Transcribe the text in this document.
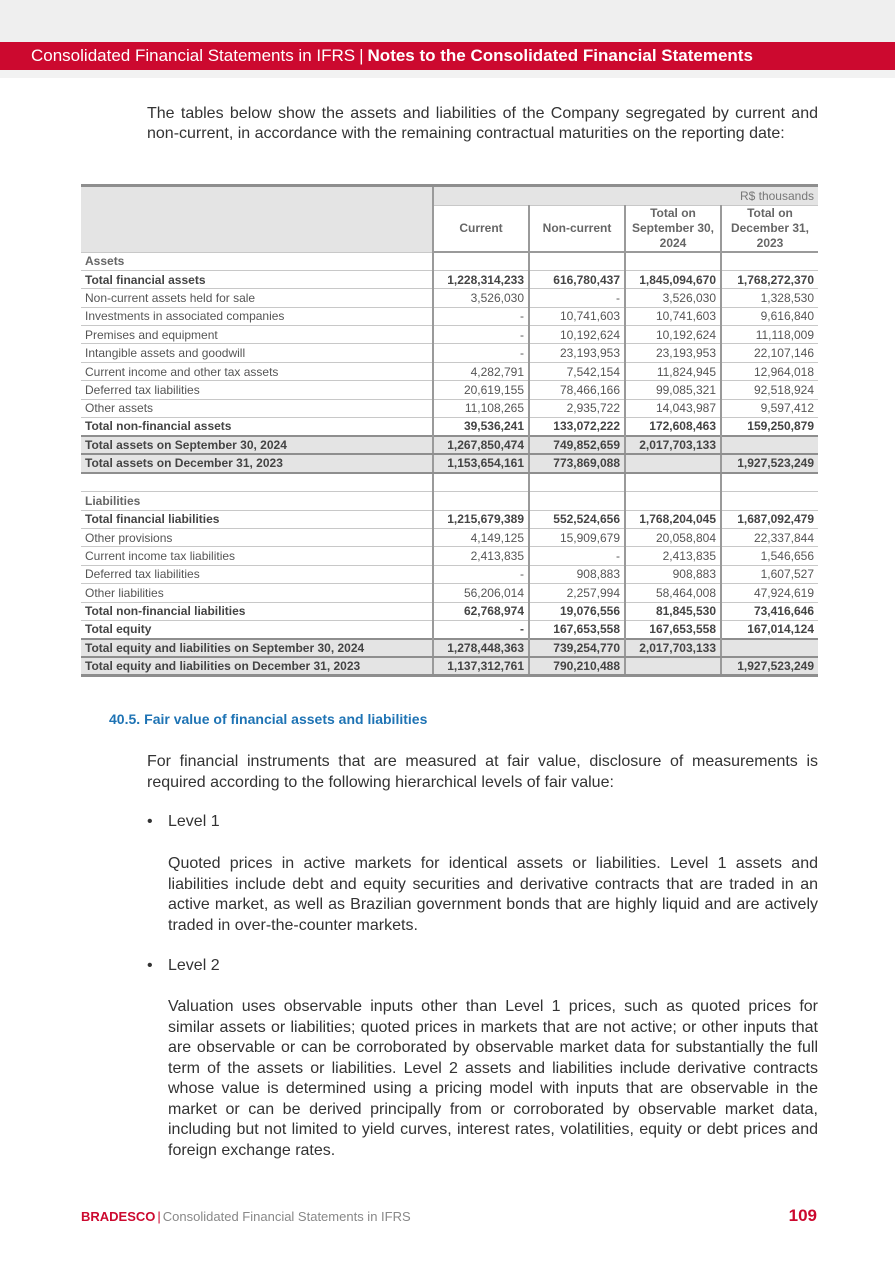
Consolidated Financial Statements in IFRS | Notes to the Consolidated Financial Statements

The tables below show the assets and liabilities of the Company segregated by current and non-current, in accordance with the remaining contractual maturities on the reporting date:

	R$ thousands			
	Current	Non-current	Total on September 30, 2024	Total on December 31, 2023
Assets				
Total financial assets	1,228,314,233	616,780,437	1,845,094,670	1,768,272,370
Non-current assets held for sale	3,526,030	-	3,526,030	1,328,530
Investments in associated companies	-	10,741,603	10,741,603	9,616,840
Premises and equipment	-	10,192,624	10,192,624	11,118,009
Intangible assets and goodwill	-	23,193,953	23,193,953	22,107,146
Current income and other tax assets	4,282,791	7,542,154	11,824,945	12,964,018
Deferred tax liabilities	20,619,155	78,466,166	99,085,321	92,518,924
Other assets	11,108,265	2,935,722	14,043,987	9,597,412
Total non-financial assets	39,536,241	133,072,222	172,608,463	159,250,879
Total assets on September 30, 2024	1,267,850,474	749,852,659	2,017,703,133	
Total assets on December 31, 2023	1,153,654,161	773,869,088		1,927,523,249

Liabilities				
Total financial liabilities	1,215,679,389	552,524,656	1,768,204,045	1,687,092,479
Other provisions	4,149,125	15,909,679	20,058,804	22,337,844
Current income tax liabilities	2,413,835	-	2,413,835	1,546,656
Deferred tax liabilities	-	908,883	908,883	1,607,527
Other liabilities	56,206,014	2,257,994	58,464,008	47,924,619
Total non-financial liabilities	62,768,974	19,076,556	81,845,530	73,416,646
Total equity	-	167,653,558	167,653,558	167,014,124
Total equity and liabilities on September 30, 2024	1,278,448,363	739,254,770	2,017,703,133	
Total equity and liabilities on December 31, 2023	1,137,312,761	790,210,488		1,927,523,249
40.5. Fair value of financial assets and liabilities

For financial instruments that are measured at fair value, disclosure of measurements is required according to the following hierarchical levels of fair value:

• Level 1

Quoted prices in active markets for identical assets or liabilities. Level 1 assets and liabilities include debt and equity securities and derivative contracts that are traded in an active market, as well as Brazilian government bonds that are highly liquid and are actively traded in over-the-counter markets.

• Level 2

Valuation uses observable inputs other than Level 1 prices, such as quoted prices for similar assets or liabilities; quoted prices in markets that are not active; or other inputs that are observable or can be corroborated by observable market data for substantially the full term of the assets or liabilities. Level 2 assets and liabilities include derivative contracts whose value is determined using a pricing model with inputs that are observable in the market or can be derived principally from or corroborated by observable market data, including but not limited to yield curves, interest rates, volatilities, equity or debt prices and foreign exchange rates.

BRADESCO | Consolidated Financial Statements in IFRS	109
